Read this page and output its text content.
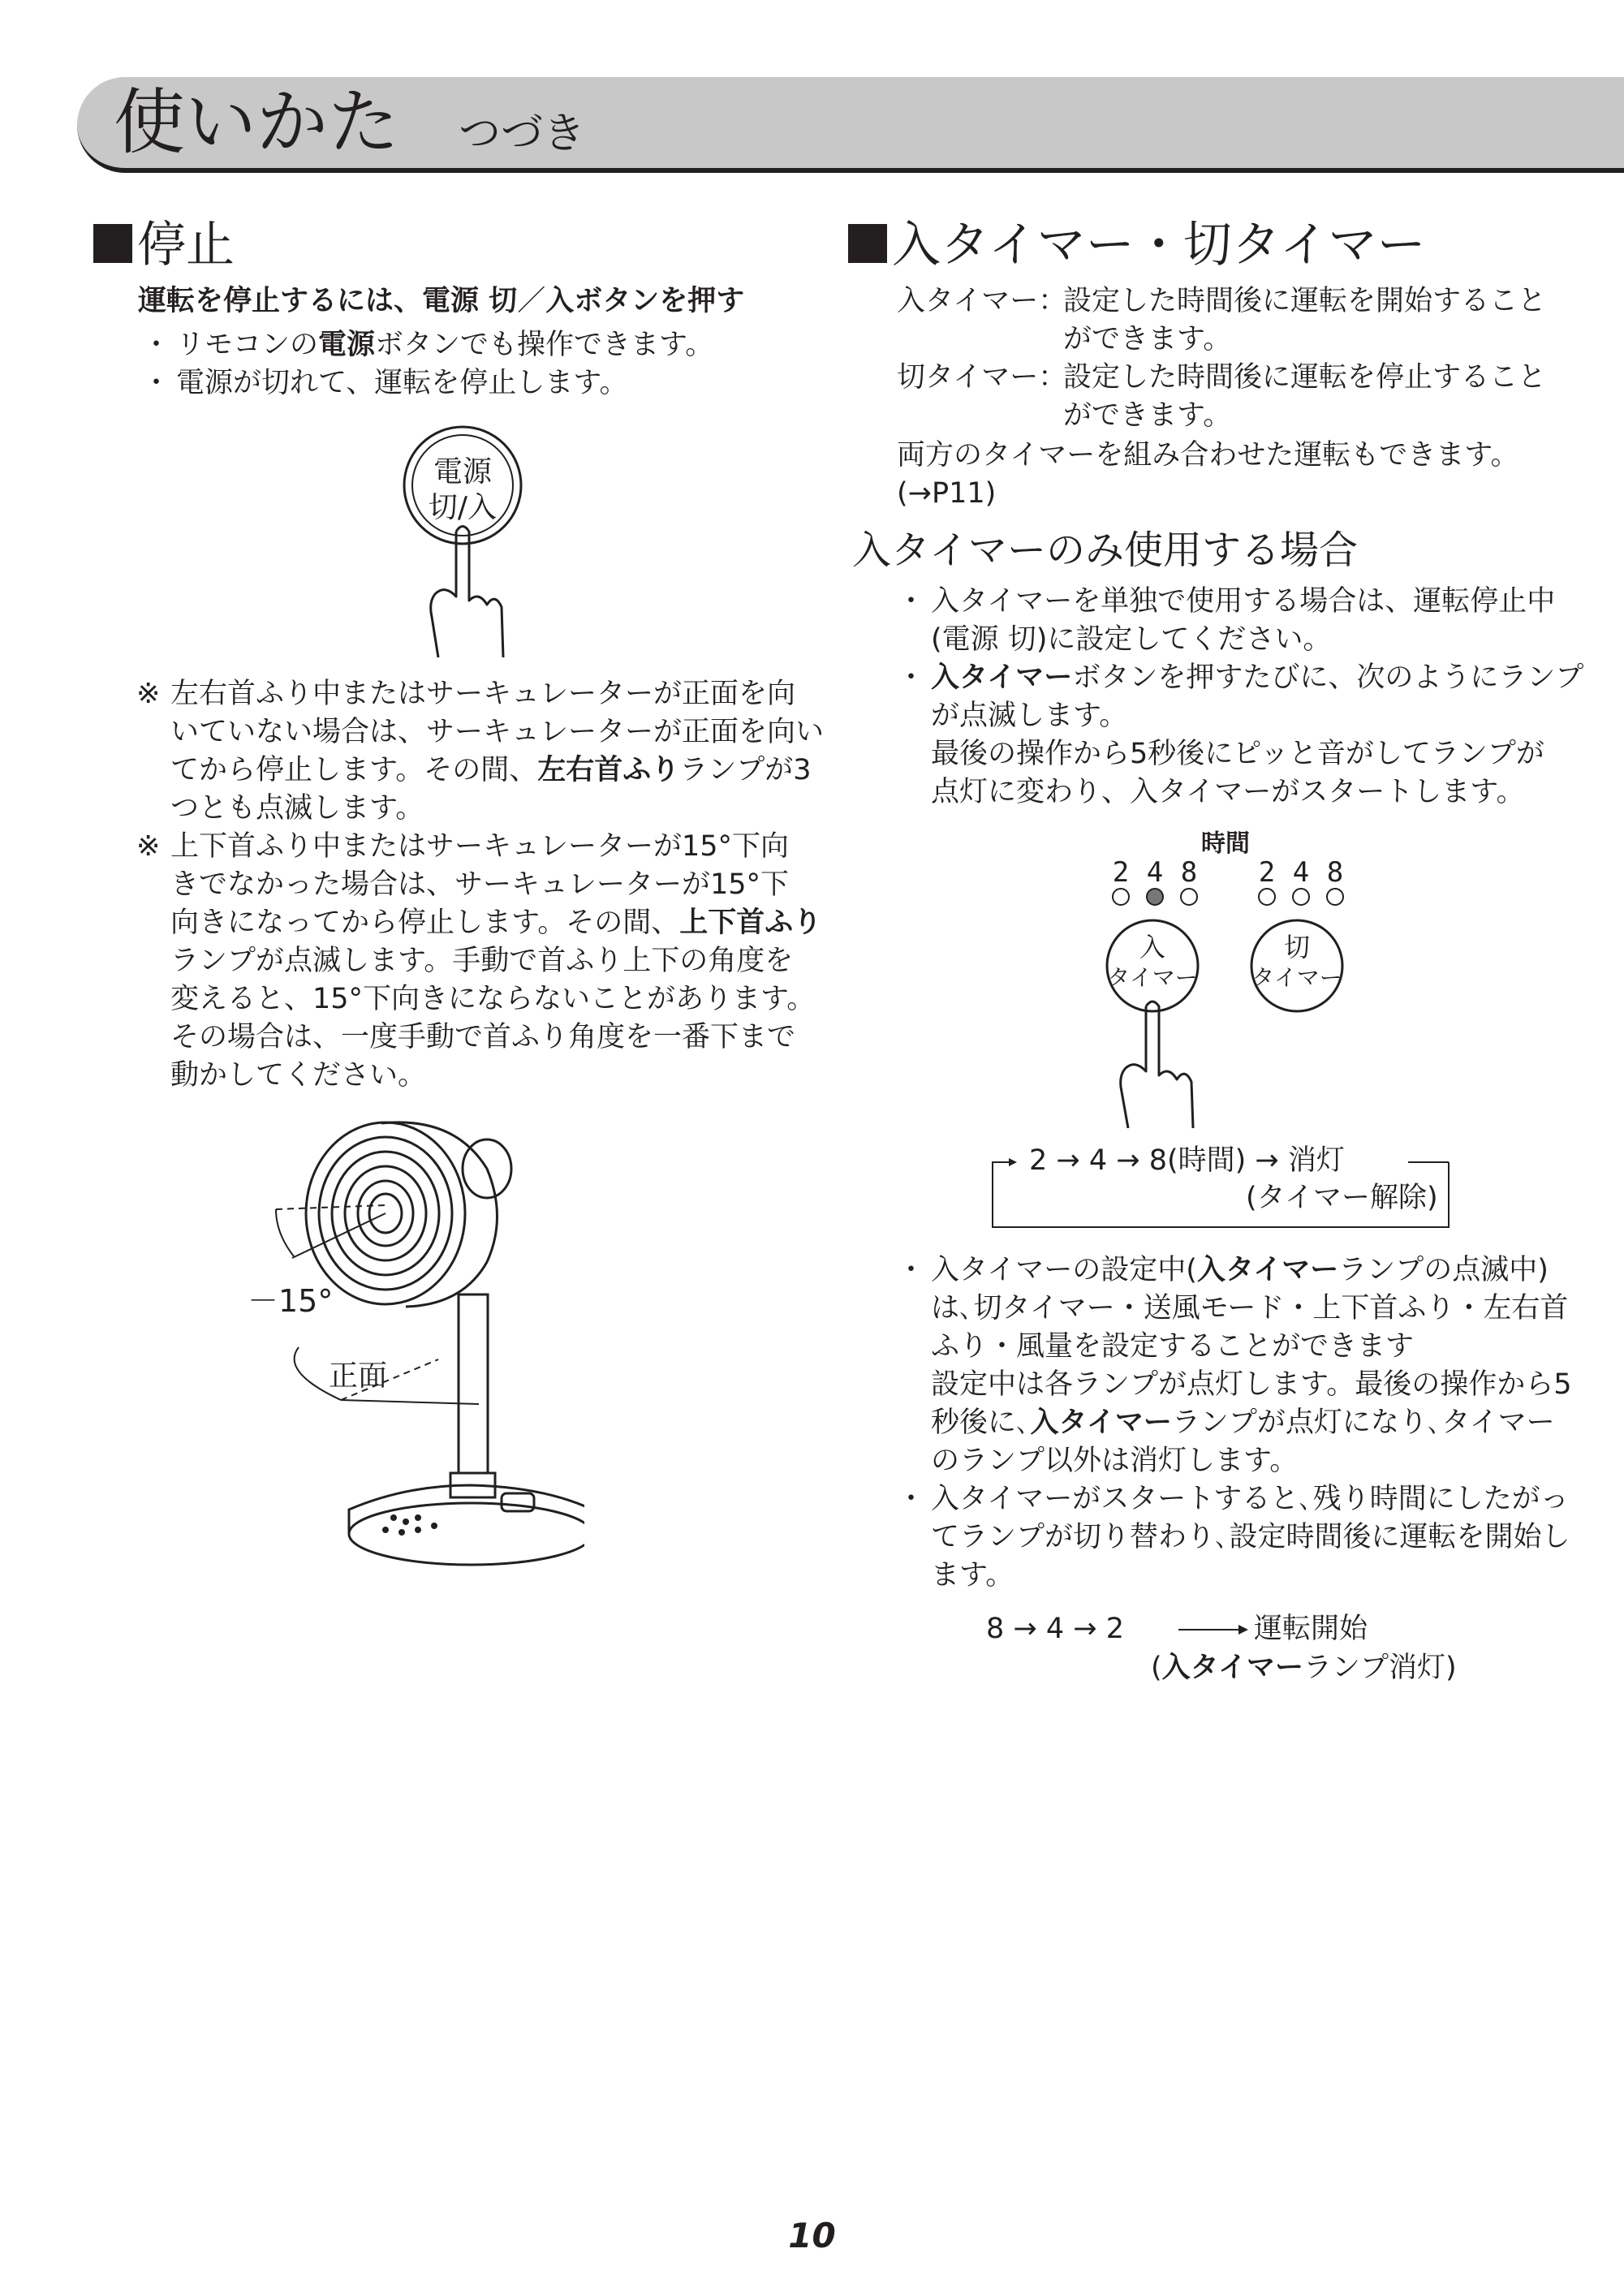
使いかた つづき
停止
運転を停止するには、電源 切／入ボタンを押す
・ リモコンの電源ボタンでも操作できます。
・ 電源が切れて、運転を停止します。
電源
切/入
※ 左右首ふり中またはサーキュレーターが正面を向
いていない場合は、サーキュレーターが正面を向い
てから停止します。その間、左右首ふりランプが3
つとも点滅します。
※ 上下首ふり中またはサーキュレーターが15°下向
きでなかった場合は、サーキュレーターが15°下
向きになってから停止します。その間、上下首ふり
ランプが点滅します。手動で首ふり上下の角度を
変えると、15°下向きにならないことがあります。
その場合は、一度手動で首ふり角度を一番下まで
動かしてください。
－15°
正面
入タイマー・切タイマー
入タイマー：設定した時間後に運転を開始すること
ができます。
切タイマー：設定した時間後に運転を停止すること
ができます。
両方のタイマーを組み合わせた運転もできます。
(→P11)
入タイマーのみ使用する場合
・ 入タイマーを単独で使用する場合は、運転停止中
(電源 切)に設定してください。
・ 入タイマーボタンを押すたびに、次のようにランプ
が点滅します。
最後の操作から5秒後にピッと音がしてランプが
点灯に変わり、入タイマーがスタートします。
時間
2 4 8	2 4 8
入
タイマー
切
タイマー
2 → 4 → 8(時間) → 消灯
(タイマー解除)
・ 入タイマーの設定中(入タイマーランプの点滅中)
は､切タイマー・送風モード・上下首ふり・左右首
ふり・風量を設定することができます
設定中は各ランプが点灯します。最後の操作から5
秒後に､入タイマーランプが点灯になり､タイマー
のランプ以外は消灯します。
・ 入タイマーがスタートすると､残り時間にしたがっ
てランプが切り替わり､設定時間後に運転を開始し
ます。
8 → 4 → 2	運転開始
(入タイマーランプ消灯)
10
